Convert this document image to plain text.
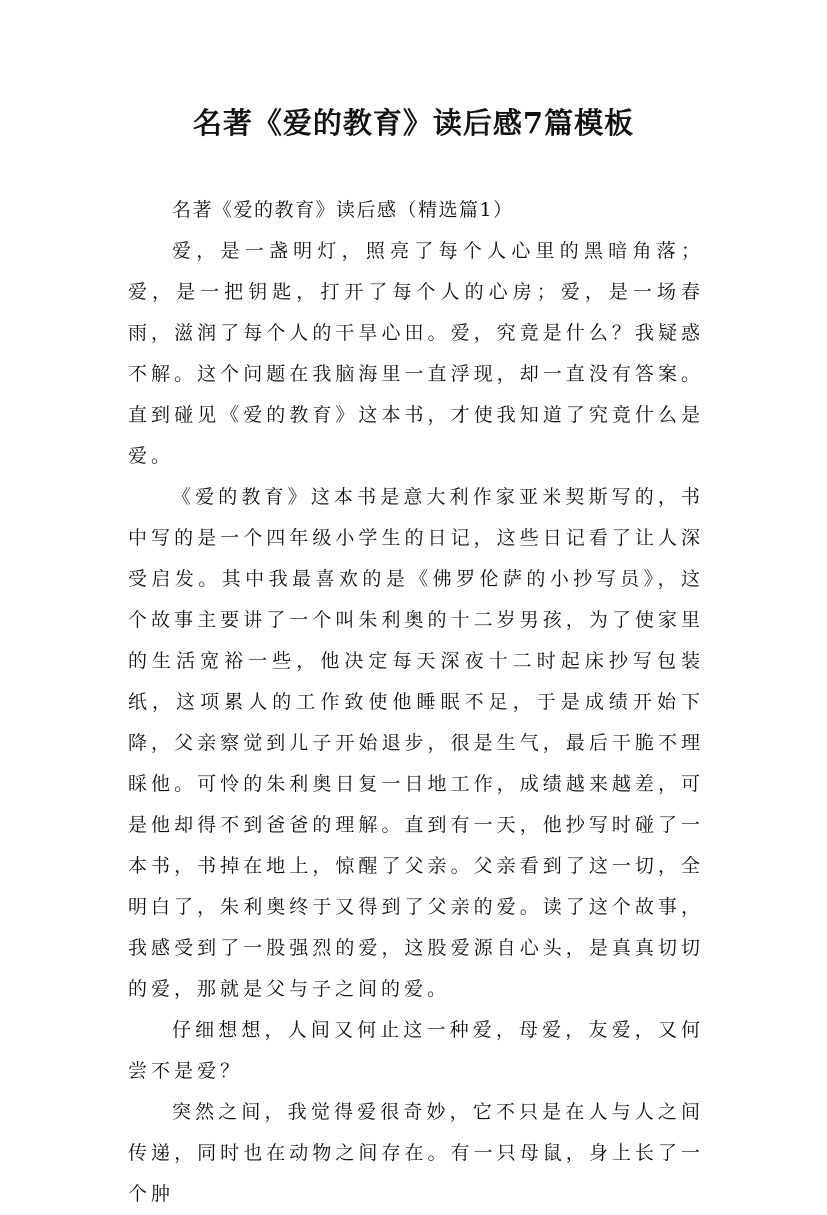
名著《爱的教育》读后感7篇模板
名著《爱的教育》读后感（精选篇1）

爱，是一盏明灯，照亮了每个人心里的黑暗角落；爱，是一把钥匙，打开了每个人的心房；爱，是一场春雨，滋润了每个人的干旱心田。爱，究竟是什么？我疑惑不解。这个问题在我脑海里一直浮现，却一直没有答案。直到碰见《爱的教育》这本书，才使我知道了究竟什么是爱。

《爱的教育》这本书是意大利作家亚米契斯写的，书中写的是一个四年级小学生的日记，这些日记看了让人深受启发。其中我最喜欢的是《佛罗伦萨的小抄写员》，这个故事主要讲了一个叫朱利奥的十二岁男孩，为了使家里的生活宽裕一些，他决定每天深夜十二时起床抄写包装纸，这项累人的工作致使他睡眠不足，于是成绩开始下降，父亲察觉到儿子开始退步，很是生气，最后干脆不理睬他。可怜的朱利奥日复一日地工作，成绩越来越差，可是他却得不到爸爸的理解。直到有一天，他抄写时碰了一本书，书掉在地上，惊醒了父亲。父亲看到了这一切，全明白了，朱利奥终于又得到了父亲的爱。读了这个故事，我感受到了一股强烈的爱，这股爱源自心头，是真真切切的爱，那就是父与子之间的爱。

仔细想想，人间又何止这一种爱，母爱，友爱，又何尝不是爱？

突然之间，我觉得爱很奇妙，它不只是在人与人之间传递，同时也在动物之间存在。有一只母鼠，身上长了一个肿
